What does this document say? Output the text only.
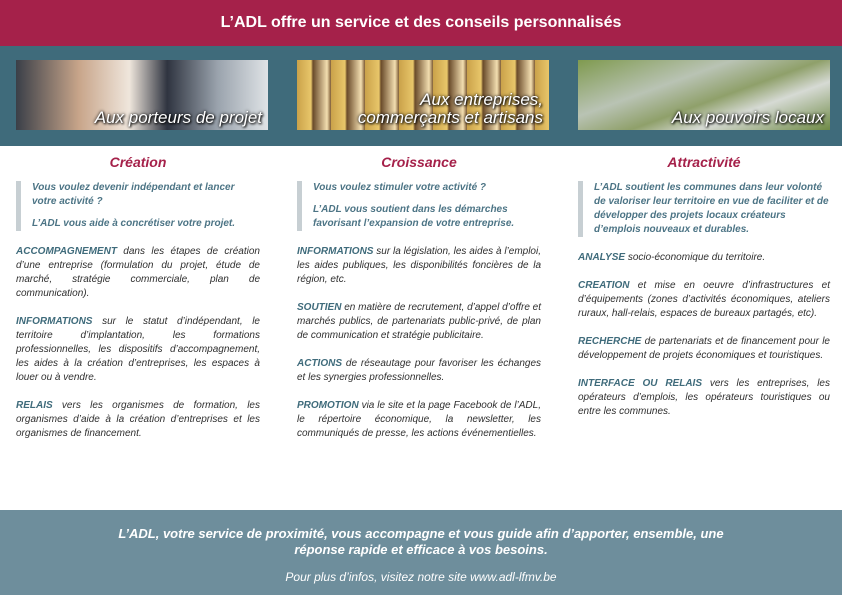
L’ADL offre un service et des conseils personnalisés
Aux porteurs de projet
Aux entreprises,
commerçants et artisans	Aux pouvoirs locaux
Création
Vous voulez devenir indépendant et lancer votre activité ?
L’ADL vous aide à concrétiser votre projet.
ACCOMPAGNEMENT dans les étapes de création d’une entreprise (formulation du projet, étude de marché, stratégie commerciale, plan de communication).
INFORMATIONS sur le statut d’indépendant, le territoire d’implantation, les formations professionnelles, les dispositifs d’accompagnement, les aides à la création d’entreprises, les espaces à louer ou à vendre.
RELAIS vers les organismes de formation, les organismes d’aide à la création d’entreprises et les organismes de financement.
Croissance
Vous voulez stimuler votre activité ?
L’ADL vous soutient dans les démarches favorisant l’expansion de votre entreprise.
INFORMATIONS sur la législation, les aides à l’emploi, les aides publiques, les disponibilités foncières de la région, etc.
SOUTIEN en matière de recrutement, d’appel d’offre et marchés publics, de partenariats public-privé, de plan de communication et stratégie publicitaire.
ACTIONS de réseautage pour favoriser les échanges et les synergies professionnelles.
PROMOTION via le site et la page Facebook de l’ADL, le répertoire économique, la newsletter, les communiqués de presse, les actions événementielles.
Attractivité
L’ADL soutient les communes dans leur volonté de valoriser leur territoire en vue de faciliter et de développer des projets locaux créateurs d’emplois nouveaux et durables.
ANALYSE socio-économique du territoire.
CREATION et mise en oeuvre d’infrastructures et d’équipements (zones d’activités économiques, ateliers ruraux, hall-relais, espaces de bureaux partagés, etc).
RECHERCHE de partenariats et de financement pour le développement de projets économiques et touristiques.
INTERFACE OU RELAIS vers les entreprises, les opérateurs d’emplois, les opérateurs touristiques ou entre les communes.
L’ADL, votre service de proximité, vous accompagne et vous guide afin d’apporter, ensemble, une réponse rapide et efficace à vos besoins.
Pour plus d’infos, visitez notre site www.adl-lfmv.be
